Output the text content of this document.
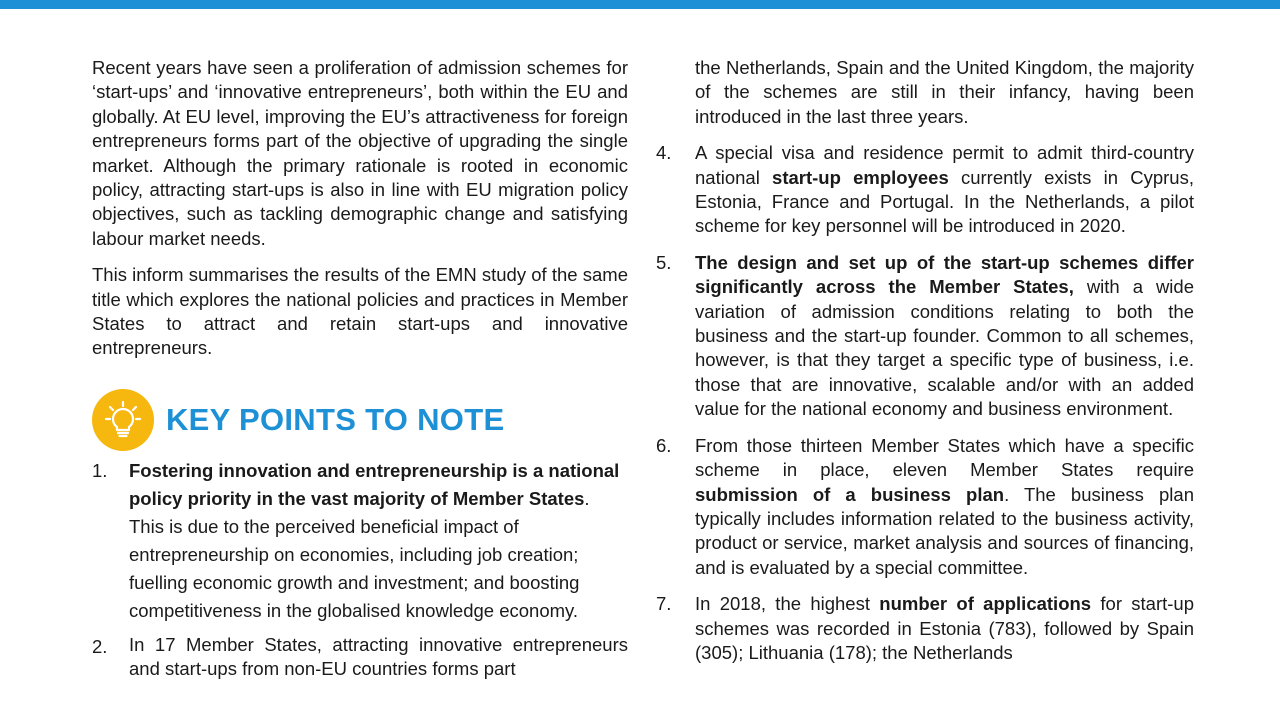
Recent years have seen a proliferation of admission schemes for ‘start-ups’ and ‘innovative entrepreneurs’, both within the EU and globally. At EU level, improving the EU’s attractiveness for foreign entrepreneurs forms part of the objective of upgrading the single market. Although the primary rationale is rooted in economic policy, attracting start-ups is also in line with EU migration policy objectives, such as tackling demographic change and satisfying labour market needs.

This inform summarises the results of the EMN study of the same title which explores the national policies and practices in Member States to attract and retain start-ups and innovative entrepreneurs.

KEY POINTS TO NOTE
1.	Fostering innovation and entrepreneurship is a national policy priority in the vast majority of Member States. This is due to the perceived beneficial impact of entrepreneurship on economies, including job creation; fuelling economic growth and investment; and boosting competitiveness in the globalised knowledge economy.
2.	In 17 Member States, attracting innovative entrepreneurs and start-ups from non-EU countries forms part
the Netherlands, Spain and the United Kingdom, the majority of the schemes are still in their infancy, having been introduced in the last three years.
4.	A special visa and residence permit to admit third-country national start-up employees currently exists in Cyprus, Estonia, France and Portugal. In the Netherlands, a pilot scheme for key personnel will be introduced in 2020.
5.	The design and set up of the start-up schemes differ significantly across the Member States, with a wide variation of admission conditions relating to both the business and the start-up founder. Common to all schemes, however, is that they target a specific type of business, i.e. those that are innovative, scalable and/or with an added value for the national economy and business environment.
6.	From those thirteen Member States which have a specific scheme in place, eleven Member States require submission of a business plan. The business plan typically includes information related to the business activity, product or service, market analysis and sources of financing, and is evaluated by a special committee.
7.	In 2018, the highest number of applications for start-up schemes was recorded in Estonia (783), followed by Spain (305); Lithuania (178); the Netherlands
